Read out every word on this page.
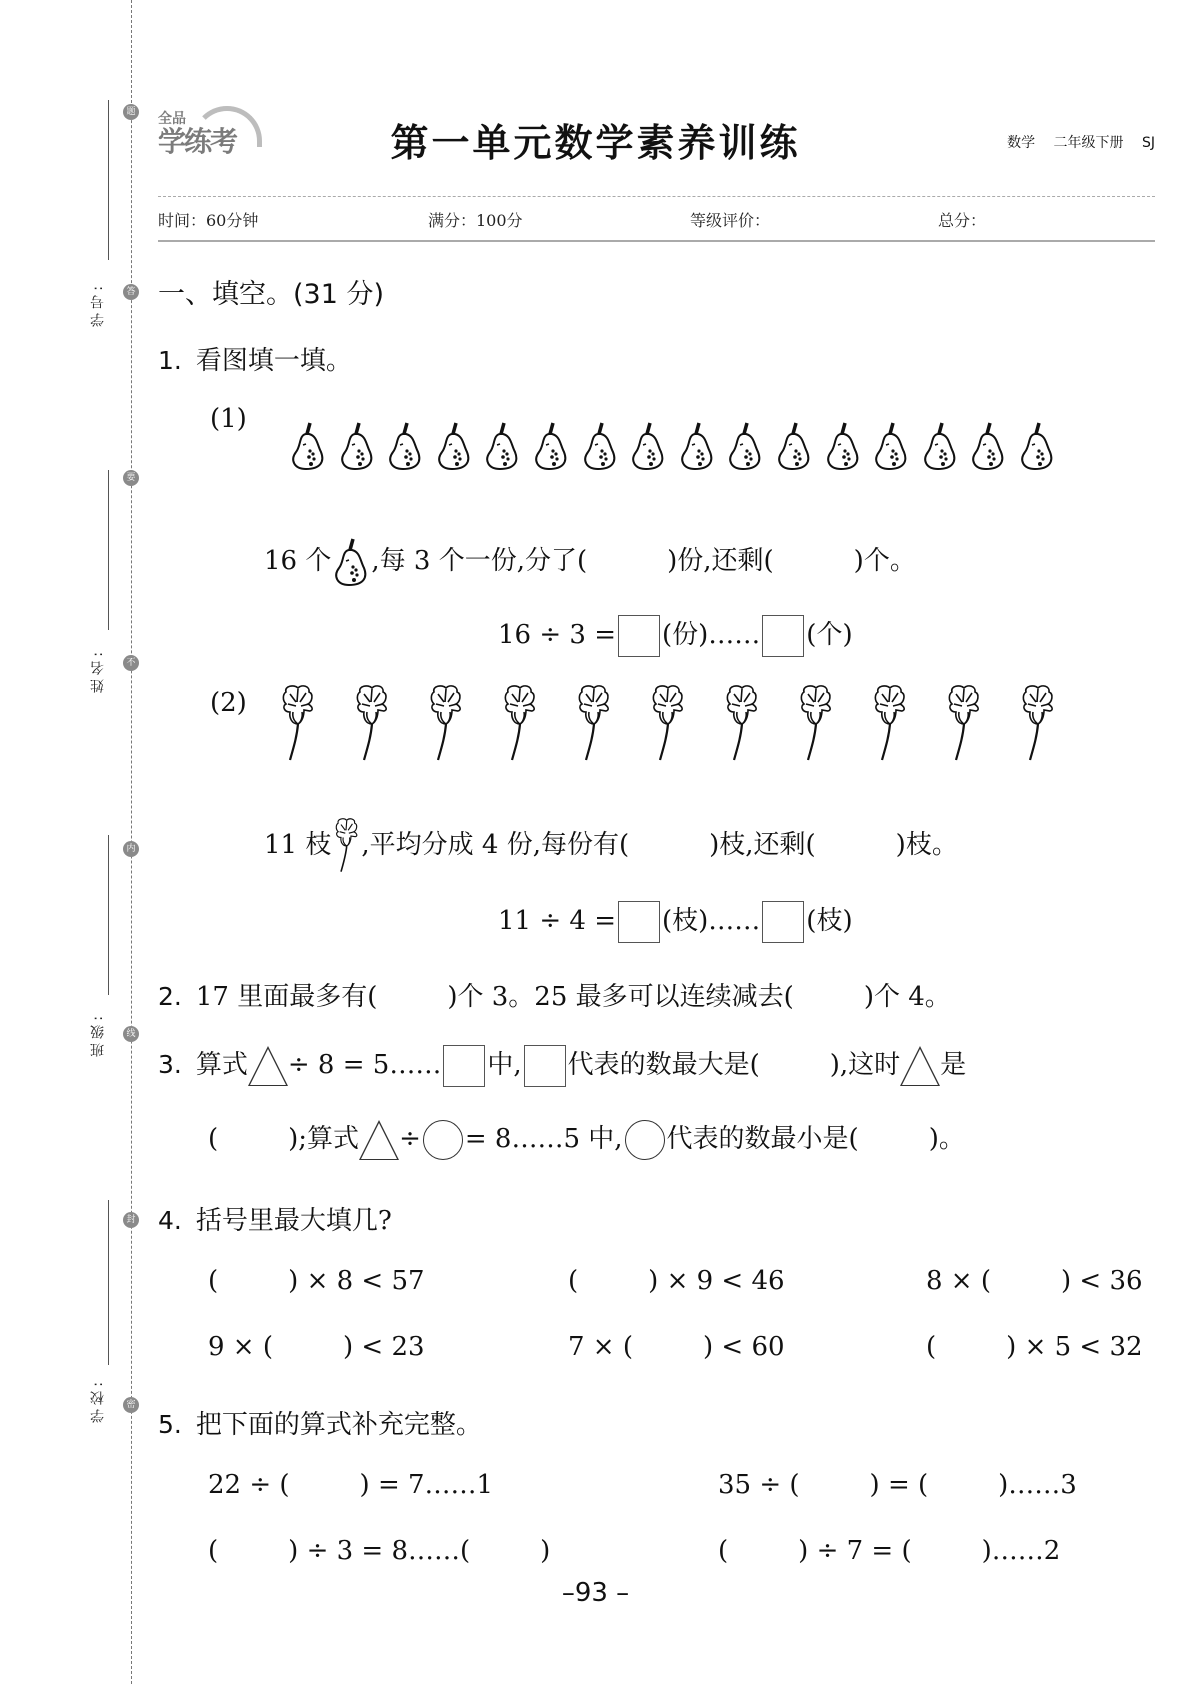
学号:
姓名:
班级:
学校:
题
答
要
不
内
线
封
密
全品
学练考	第一单元数学素养训练	数学 二年级下册 SJ
时间：60分钟	满分：100分	等级评价：	总分：
一、填空。(31 分)
1. 看图填一填。
(1)
16 个 ,每 3 个一份,分了(	)份,还剩(	)个。
16 ÷ 3 = (份)…… (个)
(2)
11 枝 ,平均分成 4 份,每份有(	)枝,还剩(	)枝。
11 ÷ 4 = (枝)…… (枝)
2. 17 里面最多有(	)个 3。25 最多可以连续减去(	)个 4。
3. 算式 ÷ 8 = 5…… 中, 代表的数最大是(	),这时 是
(	);算式 ÷ = 8……5 中, 代表的数最小是(	)。
4. 括号里最大填几?
(	) × 8 < 57	(	) × 9 < 46	8 × (	) < 36
9 × (	) < 23	7 × (	) < 60	(	) × 5 < 32
5. 把下面的算式补充完整。
22 ÷ (	) = 7……1	35 ÷ (	) = (	)……3
(	) ÷ 3 = 8……(	)	(	) ÷ 7 = (	)……2
–93 –
